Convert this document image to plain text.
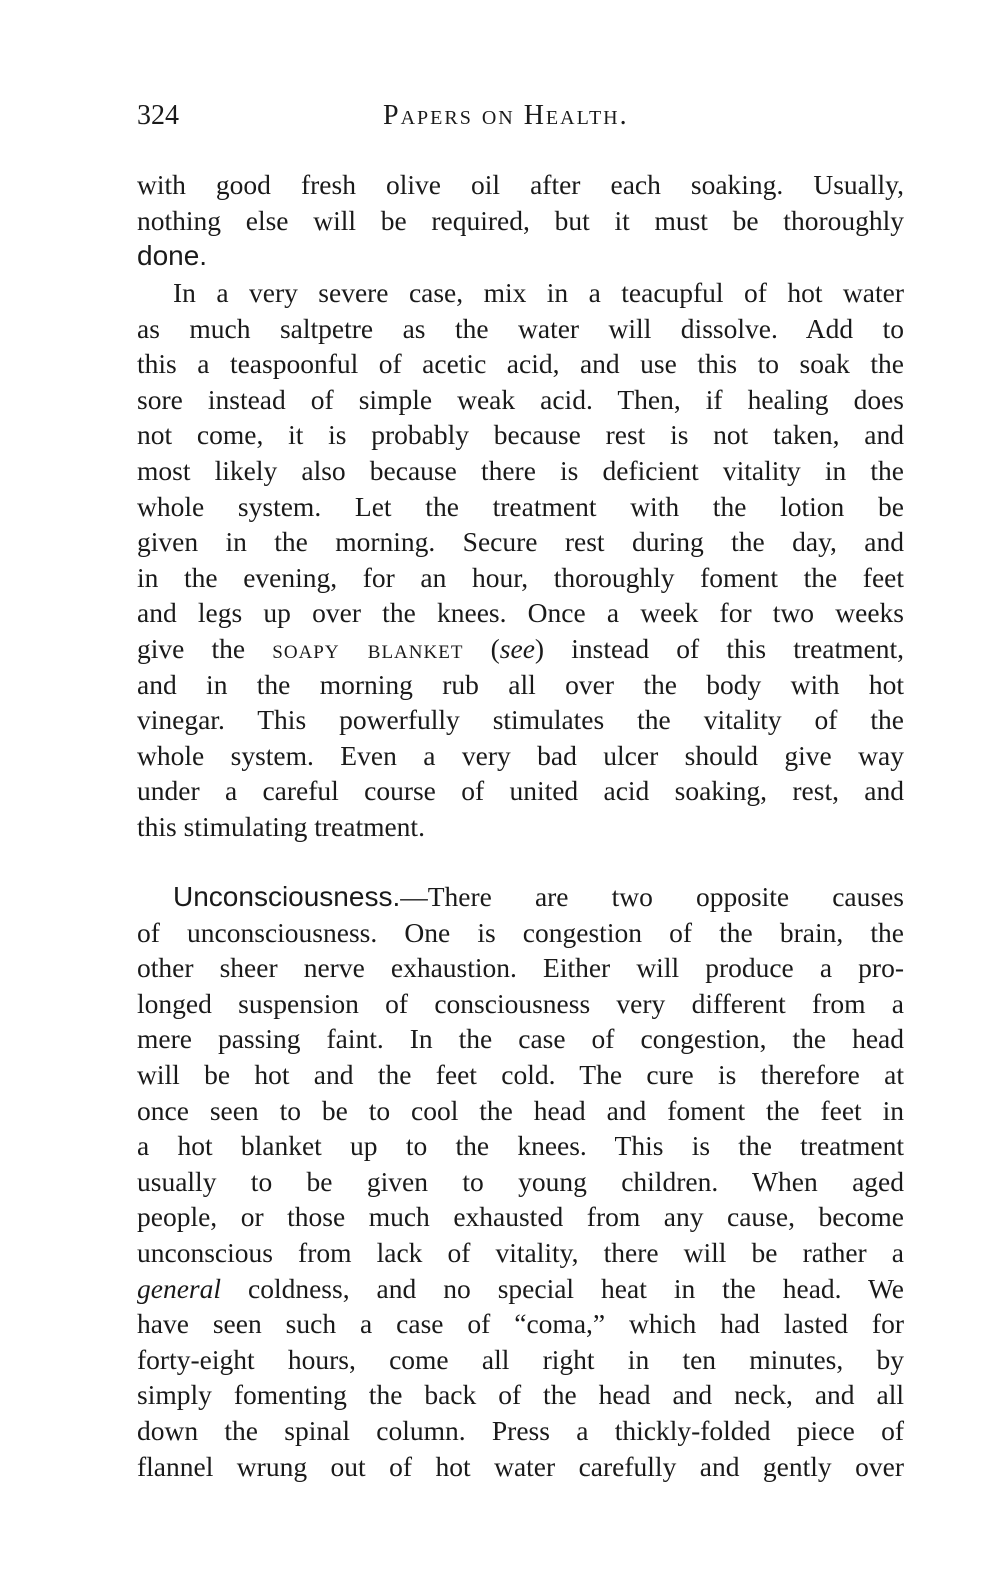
324	Papers on Health.
with good fresh olive oil after each soaking. Usually,
nothing else will be required, but it must be thoroughly
done.
In a very severe case, mix in a teacupful of hot water
as much saltpetre as the water will dissolve. Add to
this a teaspoonful of acetic acid, and use this to soak the
sore instead of simple weak acid. Then, if healing does
not come, it is probably because rest is not taken, and
most likely also because there is deficient vitality in the
whole system. Let the treatment with the lotion be
given in the morning. Secure rest during the day, and
in the evening, for an hour, thoroughly foment the feet
and legs up over the knees. Once a week for two weeks
give the soapy blanket (see) instead of this treatment,
and in the morning rub all over the body with hot
vinegar. This powerfully stimulates the vitality of the
whole system. Even a very bad ulcer should give way
under a careful course of united acid soaking, rest, and
this stimulating treatment.
Unconsciousness.—There are two opposite causes
of unconsciousness. One is congestion of the brain, the
other sheer nerve exhaustion. Either will produce a pro-
longed suspension of consciousness very different from a
mere passing faint. In the case of congestion, the head
will be hot and the feet cold. The cure is therefore at
once seen to be to cool the head and foment the feet in
a hot blanket up to the knees. This is the treatment
usually to be given to young children. When aged
people, or those much exhausted from any cause, become
unconscious from lack of vitality, there will be rather a
general coldness, and no special heat in the head. We
have seen such a case of “coma,” which had lasted for
forty-eight hours, come all right in ten minutes, by
simply fomenting the back of the head and neck, and all
down the spinal column. Press a thickly-folded piece of
flannel wrung out of hot water carefully and gently over
